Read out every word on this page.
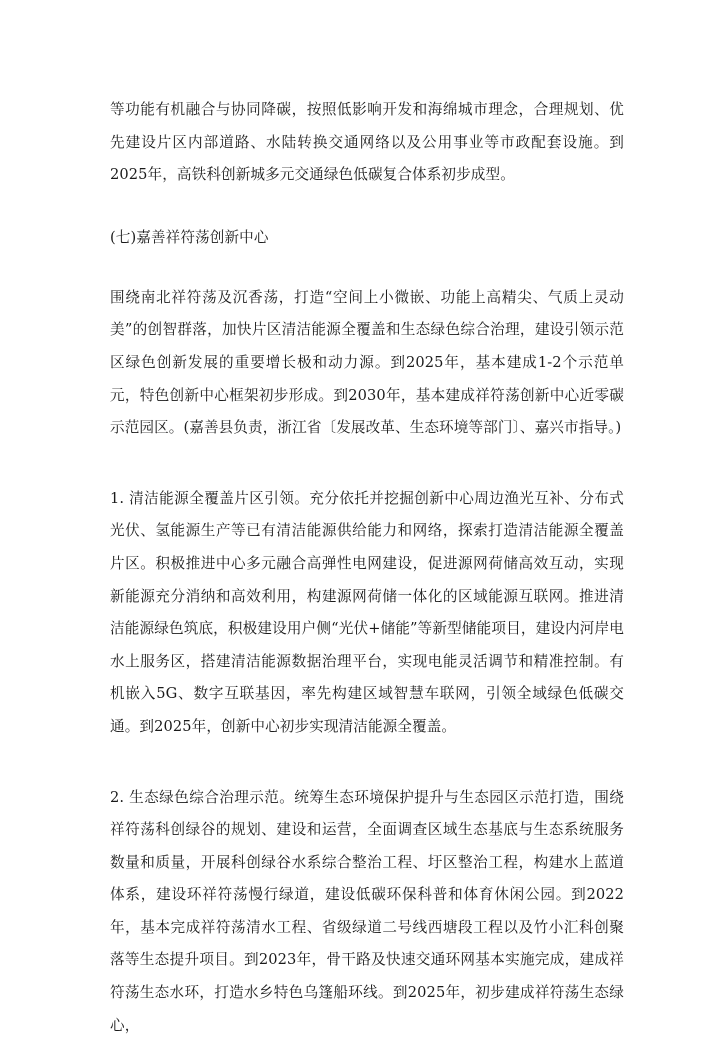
等功能有机融合与协同降碳，按照低影响开发和海绵城市理念，合理规划、优先建设片区内部道路、水陆转换交通网络以及公用事业等市政配套设施。到2025年，高铁科创新城多元交通绿色低碳复合体系初步成型。

(七)嘉善祥符荡创新中心

围绕南北祥符荡及沉香荡，打造“空间上小微嵌、功能上高精尖、气质上灵动美”的创智群落，加快片区清洁能源全覆盖和生态绿色综合治理，建设引领示范区绿色创新发展的重要增长极和动力源。到2025年，基本建成1-2个示范单元，特色创新中心框架初步形成。到2030年，基本建成祥符荡创新中心近零碳示范园区。(嘉善县负责，浙江省〔发展改革、生态环境等部门〕、嘉兴市指导。)

1. 清洁能源全覆盖片区引领。充分依托并挖掘创新中心周边渔光互补、分布式光伏、氢能源生产等已有清洁能源供给能力和网络，探索打造清洁能源全覆盖片区。积极推进中心多元融合高弹性电网建设，促进源网荷储高效互动，实现新能源充分消纳和高效利用，构建源网荷储一体化的区域能源互联网。推进清洁能源绿色筑底，积极建设用户侧“光伏+储能”等新型储能项目，建设内河岸电水上服务区，搭建清洁能源数据治理平台，实现电能灵活调节和精准控制。有机嵌入5G、数字互联基因，率先构建区域智慧车联网，引领全域绿色低碳交通。到2025年，创新中心初步实现清洁能源全覆盖。

2. 生态绿色综合治理示范。统筹生态环境保护提升与生态园区示范打造，围绕祥符荡科创绿谷的规划、建设和运营，全面调查区域生态基底与生态系统服务数量和质量，开展科创绿谷水系综合整治工程、圩区整治工程，构建水上蓝道体系，建设环祥符荡慢行绿道，建设低碳环保科普和体育休闲公园。到2022年，基本完成祥符荡清水工程、省级绿道二号线西塘段工程以及竹小汇科创聚落等生态提升项目。到2023年，骨干路及快速交通环网基本实施完成，建成祥符荡生态水环，打造水乡特色乌篷船环线。到2025年，初步建成祥符荡生态绿心，
